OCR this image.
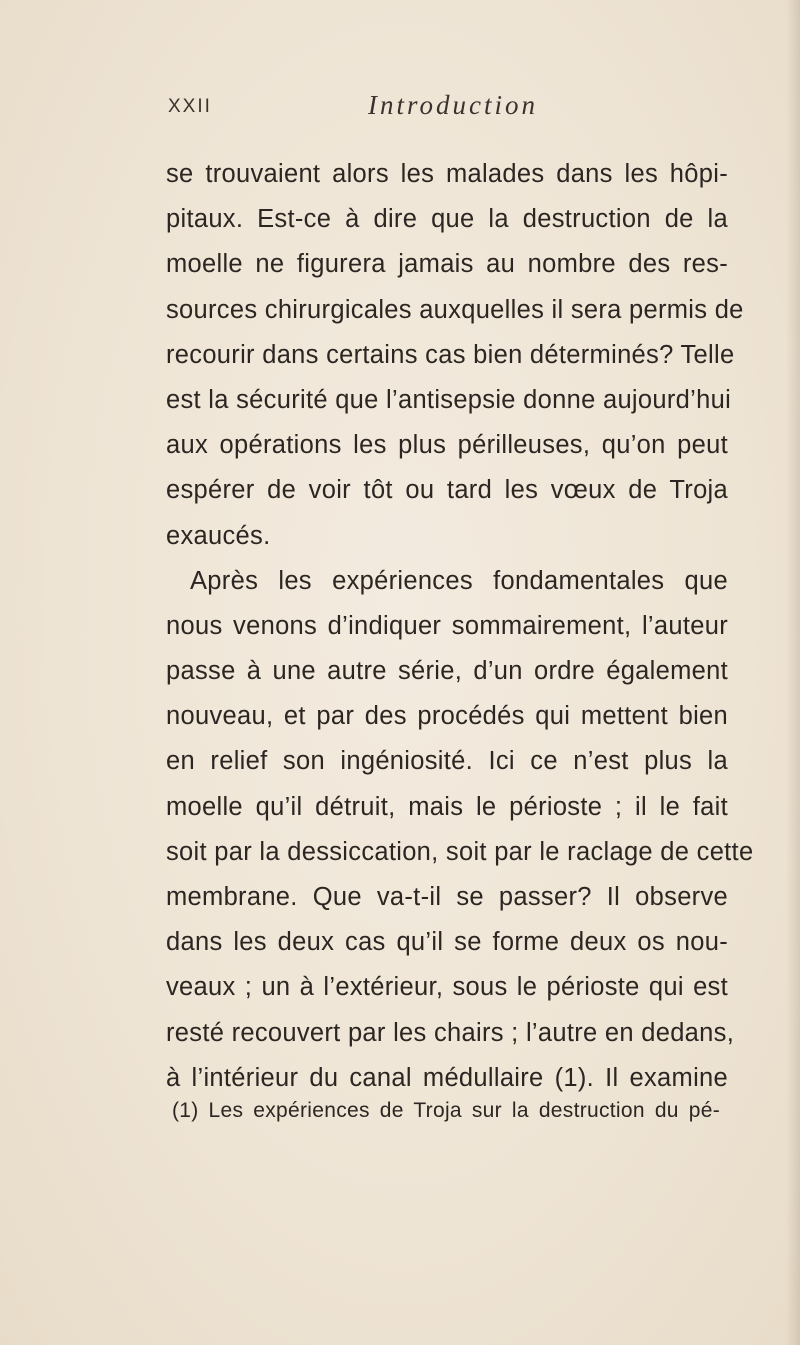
XXII	Introduction
se trouvaient alors les malades dans les hôpi-
pitaux. Est-ce à dire que la destruction de la
moelle ne figurera jamais au nombre des res-
sources chirurgicales auxquelles il sera permis de
recourir dans certains cas bien déterminés? Telle
est la sécurité que l’antisepsie donne aujourd’hui
aux opérations les plus périlleuses, qu’on peut
espérer de voir tôt ou tard les vœux de Troja
exaucés.
Après les expériences fondamentales que
nous venons d’indiquer sommairement, l’auteur
passe à une autre série, d’un ordre également
nouveau, et par des procédés qui mettent bien
en relief son ingéniosité. Ici ce n’est plus la
moelle qu’il détruit, mais le périoste ; il le fait
soit par la dessiccation, soit par le raclage de cette
membrane. Que va-t-il se passer? Il observe
dans les deux cas qu’il se forme deux os nou-
veaux ; un à l’extérieur, sous le périoste qui est
resté recouvert par les chairs ; l’autre en dedans,
à l’intérieur du canal médullaire (1). Il examine
(1) Les expériences de Troja sur la destruction du pé-
